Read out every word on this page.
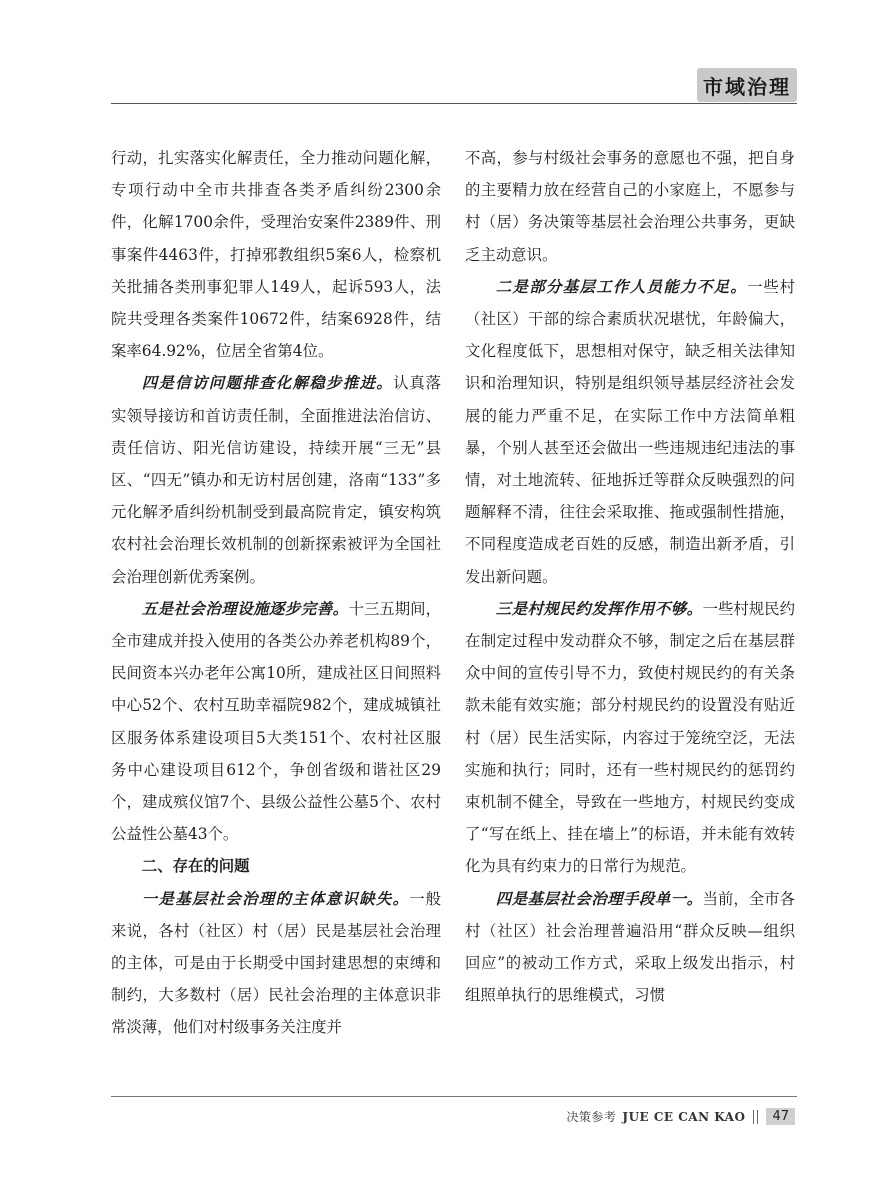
市域治理

行动，扎实落实化解责任，全力推动问题化解，专项行动中全市共排查各类矛盾纠纷2300余件，化解1700余件，受理治安案件2389件、刑事案件4463件，打掉邪教组织5案6人，检察机关批捕各类刑事犯罪人149人，起诉593人，法院共受理各类案件10672件，结案6928件，结案率64.92%，位居全省第4位。

四是信访问题排查化解稳步推进。认真落实领导接访和首访责任制，全面推进法治信访、责任信访、阳光信访建设，持续开展“三无”县区、“四无”镇办和无访村居创建，洛南“133”多元化解矛盾纠纷机制受到最高院肯定，镇安构筑农村社会治理长效机制的创新探索被评为全国社会治理创新优秀案例。

五是社会治理设施逐步完善。十三五期间，全市建成并投入使用的各类公办养老机构89个，民间资本兴办老年公寓10所，建成社区日间照料中心52个、农村互助幸福院982个，建成城镇社区服务体系建设项目5大类151个、农村社区服务中心建设项目612个，争创省级和谐社区29个，建成殡仪馆7个、县级公益性公墓5个、农村公益性公墓43个。

二、存在的问题

一是基层社会治理的主体意识缺失。一般来说，各村（社区）村（居）民是基层社会治理的主体，可是由于长期受中国封建思想的束缚和制约，大多数村（居）民社会治理的主体意识非常淡薄，他们对村级事务关注度并

不高，参与村级社会事务的意愿也不强，把自身的主要精力放在经营自己的小家庭上，不愿参与村（居）务决策等基层社会治理公共事务，更缺乏主动意识。

二是部分基层工作人员能力不足。一些村（社区）干部的综合素质状况堪忧，年龄偏大，文化程度低下，思想相对保守，缺乏相关法律知识和治理知识，特别是组织领导基层经济社会发展的能力严重不足，在实际工作中方法简单粗暴，个别人甚至还会做出一些违规违纪违法的事情，对土地流转、征地拆迁等群众反映强烈的问题解释不清，往往会采取推、拖或强制性措施，不同程度造成老百姓的反感，制造出新矛盾，引发出新问题。

三是村规民约发挥作用不够。一些村规民约在制定过程中发动群众不够，制定之后在基层群众中间的宣传引导不力，致使村规民约的有关条款未能有效实施；部分村规民约的设置没有贴近村（居）民生活实际，内容过于笼统空泛，无法实施和执行；同时，还有一些村规民约的惩罚约束机制不健全，导致在一些地方，村规民约变成了“写在纸上、挂在墙上”的标语，并未能有效转化为具有约束力的日常行为规范。

四是基层社会治理手段单一。当前，全市各村（社区）社会治理普遍沿用“群众反映—组织回应”的被动工作方式，采取上级发出指示，村组照单执行的思维模式，习惯

决策参考 JUE CE CAN KAO	47
